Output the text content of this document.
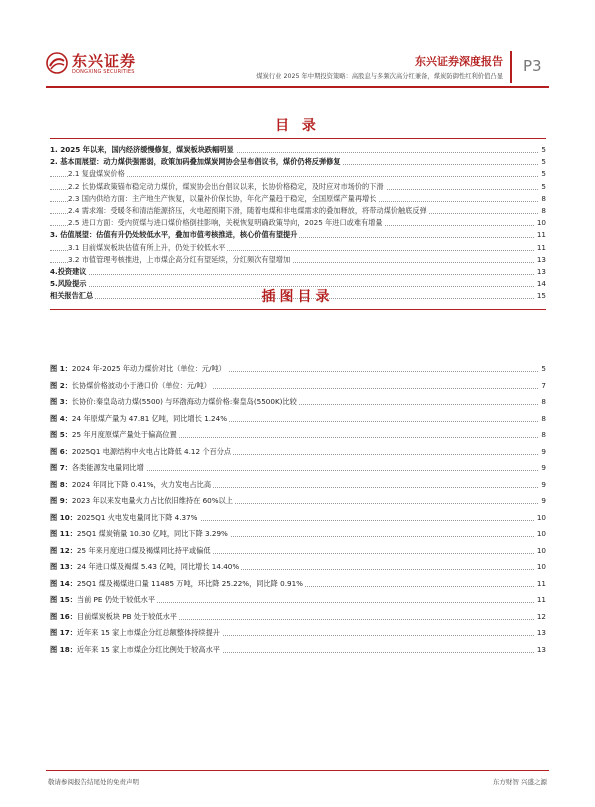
东兴证券
DONGXING SECURITIES
东兴证券深度报告
煤炭行业 2025 年中期投资策略：高股息与多频次高分红兼备，煤炭防御性红利价值凸显
P3
目 录
1. 2025 年以来，国内经济缓慢修复，煤炭板块跌幅明显	5
2. 基本面展望：动力煤供强需弱，政策加码叠加煤炭网协会呈布倡议书，煤价仍将反弹修复	5
2.1 复盘煤炭价格	5
2.2 长协煤政策锚布稳定动力煤价，煤炭协会出台倡议以来，长协价格稳定，及时应对市场价的下滑	5
2.3 国内供给方面：主产地生产恢复，以量补价保长协，年化产量趋于稳定，全国原煤产量再增长	8
2.4 需求端：受暖冬和清洁能源挤压，火电超预期下滑，随着电煤和非电煤需求的叠加释放，将带动煤价触底反弹	8
2.5 进口方面：受内贸煤与进口煤价格倒挂影响，关税恢复明确政策导向，2025 年进口或难有增量	10
3. 估值展望：估值有升仍处较低水平，叠加市值考核推进，核心价值有望提升	11
3.1 目前煤炭板块估值有所上升，仍处于较低水平	11
3.2 市值管理考核推进，上市煤企高分红有望延续，分红频次有望增加	13
4.投资建议	13
5.风险提示	14
相关报告汇总	15
插图目录
图 1：2024 年-2025 年动力煤价对比（单位：元/吨）	5
图 2：长协煤价格波动小于港口价（单位：元/吨）	7
图 3：长协价:秦皇岛动力煤(5500) 与环渤海动力煤价格:秦皇岛(5500K)比较	8
图 4：24 年原煤产量为 47.81 亿吨，同比增长 1.24%	8
图 5：25 年月度原煤产量处于偏高位置	8
图 6：2025Q1 电源结构中火电占比降低 4.12 个百分点	9
图 7：各类能源发电量同比增	9
图 8：2024 年同比下降 0.41%，火力发电占比高	9
图 9：2023 年以来发电量火力占比依旧维持在 60%以上	9
图 10：2025Q1 火电发电量同比下降 4.37%	10
图 11：25Q1 煤炭销量 10.30 亿吨，同比下降 3.29%	10
图 12：25 年来月度进口煤及褐煤同比持平或偏低	10
图 13：24 年进口煤及褐煤 5.43 亿吨，同比增长 14.40%	10
图 14：25Q1 煤及褐煤进口量 11485 万吨，环比降 25.22%，同比降 0.91%	11
图 15：当前 PE 仍处于较低水平	11
图 16：目前煤炭板块 PB 处于较低水平	12
图 17：近年来 15 家上市煤企分红总额整体持续提升	13
图 18：近年来 15 家上市煤企分红比例处于较高水平	13
敬请参阅报告结尾处的免责声明	东方财智 兴盛之源
